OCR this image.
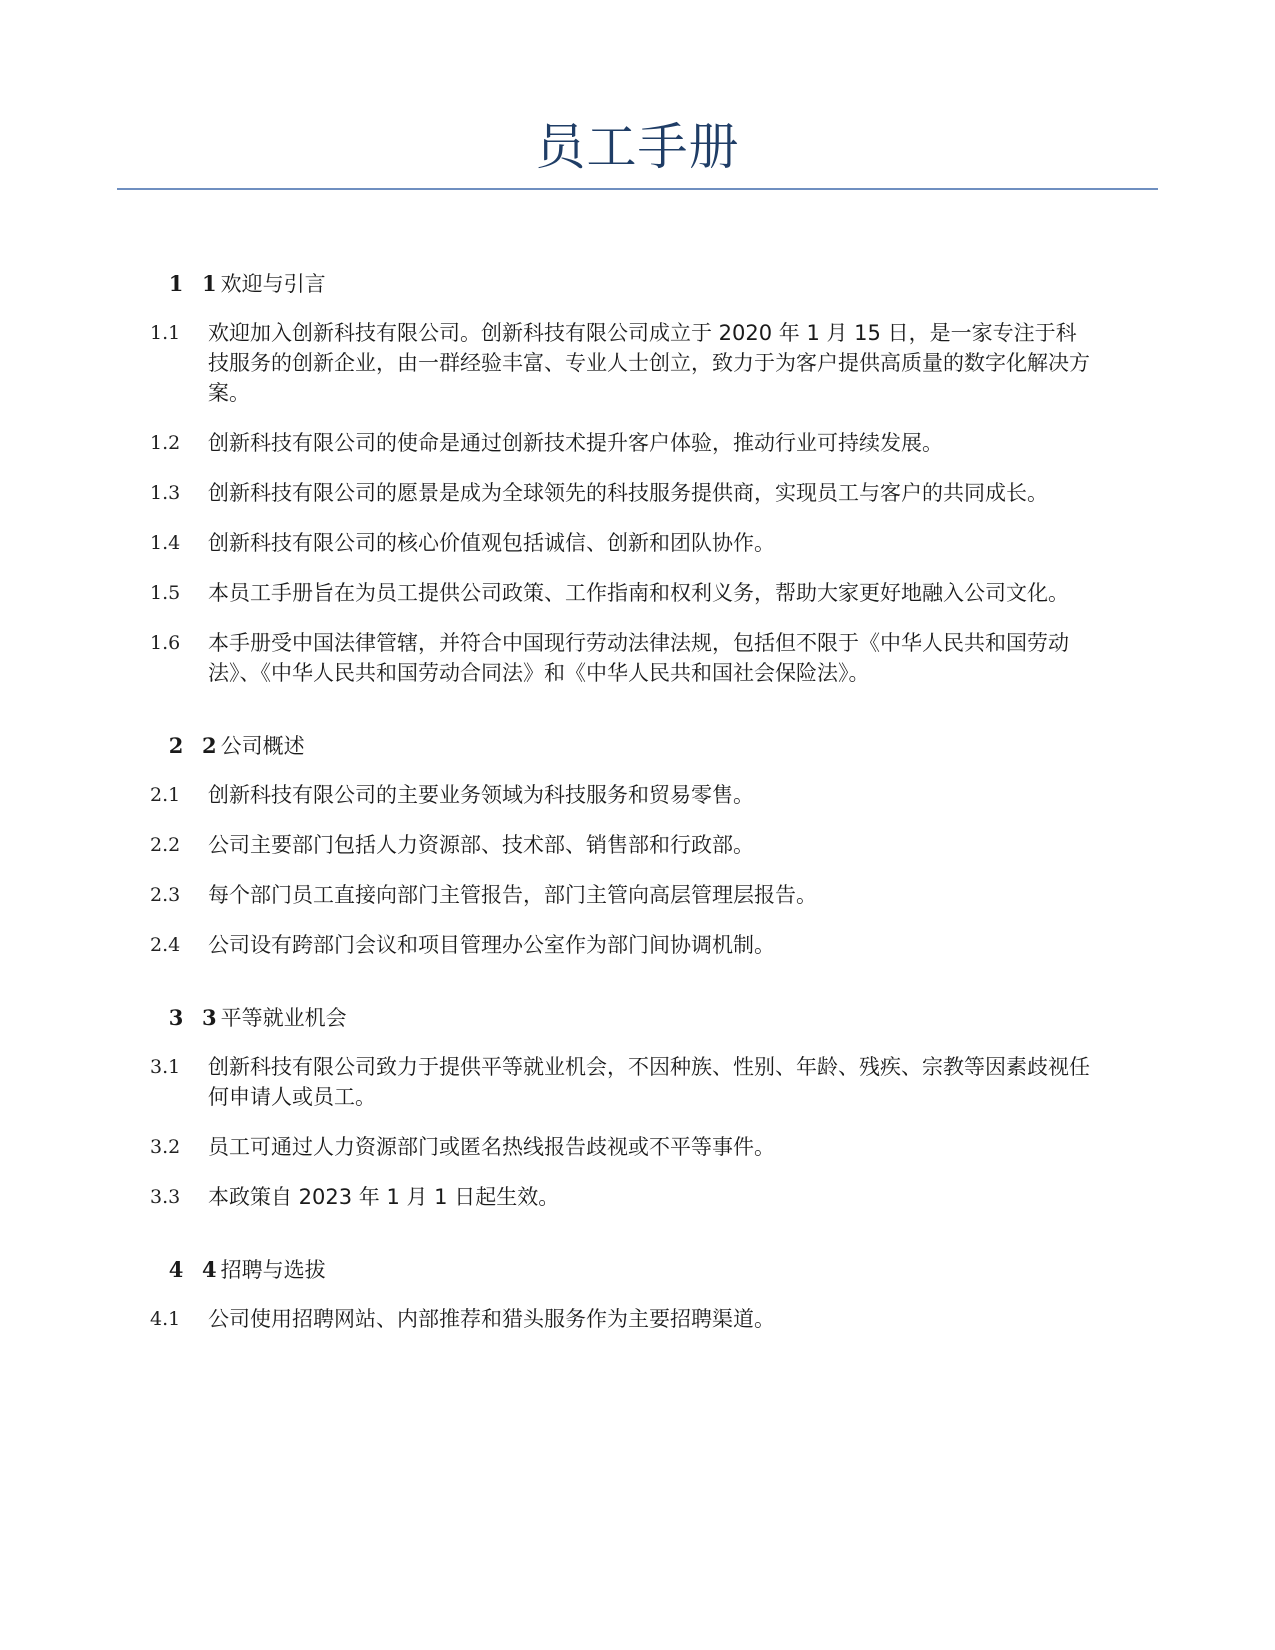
员工手册
1 1 欢迎与引言
1.1	欢迎加入创新科技有限公司。创新科技有限公司成立于 2020 年 1 月 15 日，是一家专注于科技服务的创新企业，由一群经验丰富、专业人士创立，致力于为客户提供高质量的数字化解决方案。
1.2	创新科技有限公司的使命是通过创新技术提升客户体验，推动行业可持续发展。
1.3	创新科技有限公司的愿景是成为全球领先的科技服务提供商，实现员工与客户的共同成长。
1.4	创新科技有限公司的核心价值观包括诚信、创新和团队协作。
1.5	本员工手册旨在为员工提供公司政策、工作指南和权利义务，帮助大家更好地融入公司文化。
1.6	本手册受中国法律管辖，并符合中国现行劳动法律法规，包括但不限于《中华人民共和国劳动法》、《中华人民共和国劳动合同法》和《中华人民共和国社会保险法》。
2 2 公司概述
2.1	创新科技有限公司的主要业务领域为科技服务和贸易零售。
2.2	公司主要部门包括人力资源部、技术部、销售部和行政部。
2.3	每个部门员工直接向部门主管报告，部门主管向高层管理层报告。
2.4	公司设有跨部门会议和项目管理办公室作为部门间协调机制。
3 3 平等就业机会
3.1	创新科技有限公司致力于提供平等就业机会，不因种族、性别、年龄、残疾、宗教等因素歧视任何申请人或员工。
3.2	员工可通过人力资源部门或匿名热线报告歧视或不平等事件。
3.3	本政策自 2023 年 1 月 1 日起生效。
4 4 招聘与选拔
4.1	公司使用招聘网站、内部推荐和猎头服务作为主要招聘渠道。
